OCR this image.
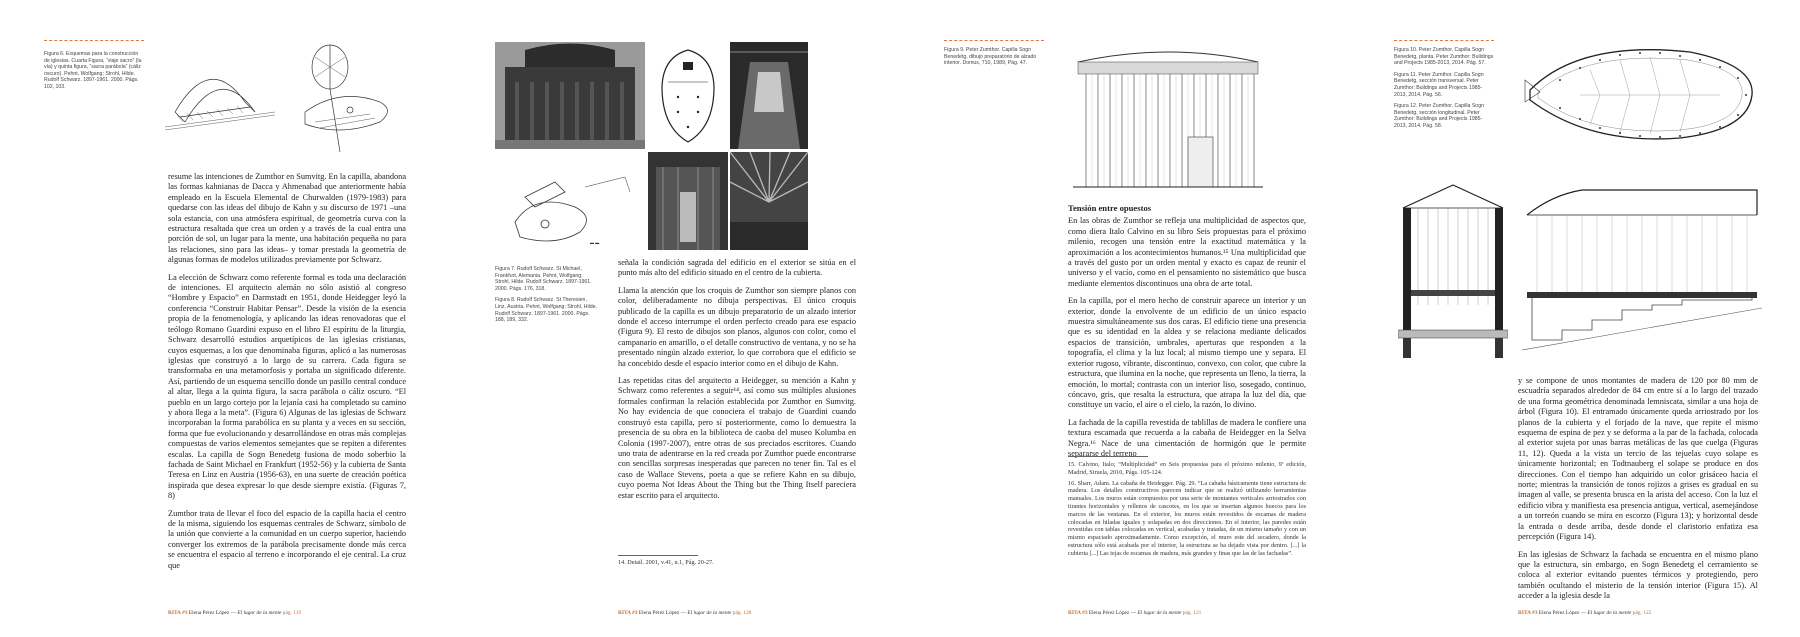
Figura 6. Esquemas para la construcción de iglesias. Cuarta Figura, “viaje sacro” (la vía) y quinta figura, “sacra parábola” (cáliz oscuro). Pehnt, Wolfgang; Strohl, Hilde. Rudolf Schwarz. 1897-1961. 2000. Págs. 102, 103.

resume las intenciones de Zumthor en Sumvitg. En la capilla, abandona las formas kahnianas de Dacca y Ahmenabad que anteriormente había empleado en la Escuela Elemental de Churwalden (1979-1983) para quedarse con las ideas del dibujo de Kahn y su discurso de 1971 –una sola estancia, con una atmósfera espiritual, de geometría curva con la estructura resaltada que crea un orden y a través de la cual entra una porción de sol, un lugar para la mente, una habitación pequeña no para las relaciones, sino para las ideas– y tomar prestada la geometría de algunas formas de modelos utilizados previamente por Schwarz.

La elección de Schwarz como referente formal es toda una declaración de intenciones. El arquitecto alemán no sólo asistió al congreso “Hombre y Espacio” en Darmstadt en 1951, donde Heidegger leyó la conferencia “Construir Habitar Pensar”. Desde la visión de la esencia propia de la fenomenología, y aplicando las ideas renovadoras que el teólogo Romano Guardini expuso en el libro El espíritu de la liturgia, Schwarz desarrolló estudios arquetípicos de las iglesias cristianas, cuyos esquemas, a los que denominaba figuras, aplicó a las numerosas iglesias que construyó a lo largo de su carrera. Cada figura se transformaba en una metamorfosis y portaba un significado diferente. Así, partiendo de un esquema sencillo donde un pasillo central conduce al altar, llega a la quinta figura, la sacra parábola o cáliz oscuro. “El pueblo en un largo cortejo por la lejanía casi ha completado su camino y ahora llega a la meta”. (Figura 6) Algunas de las iglesias de Schwarz incorporaban la forma parabólica en su planta y a veces en su sección, forma que fue evolucionando y desarrollándose en otras más complejas compuestas de varios elementos semejantes que se repiten a diferentes escalas. La capilla de Sogn Benedetg fusiona de modo soberbio la fachada de Saint Michael en Frankfurt (1952-56) y la cubierta de Santa Teresa en Linz en Austria (1956-63), en una suerte de creación poética inspirada que desea expresar lo que desde siempre existía. (Figuras 7, 8)

Zumthor trata de llevar el foco del espacio de la capilla hacia el centro de la misma, siguiendo los esquemas centrales de Schwarz, símbolo de la unión que convierte a la comunidad en un cuerpo superior, haciendo converger los extremos de la parábola precisamente donde más cerca se encuentra el espacio al terreno e incorporando el eje central. La cruz que

RITA #3 Elena Pérez López — El lugar de la mente pág. 119
▬ ▬

Figura 7. Rudolf Schwarz. St Michael, Frankfurt, Alemania. Pehnt, Wolfgang; Strohl, Hilde. Rudolf Schwarz. 1897-1961. 2000. Págs. 176, 318.

Figura 8. Rudolf Schwarz. St Theresien, Linz, Austria. Pehnt, Wolfgang; Strohl, Hilde. Rudolf Schwarz. 1897-1961. 2000. Págs. 188, 189, 332.

señala la condición sagrada del edificio en el exterior se sitúa en el punto más alto del edificio situado en el centro de la cubierta.

Llama la atención que los croquis de Zumthor son siempre planos con color, deliberadamente no dibuja perspectivas. El único croquis publicado de la capilla es un dibujo preparatorio de un alzado interior donde el acceso interrumpe el orden perfecto creado para ese espacio (Figura 9). El resto de dibujos son planos, algunos con color, como el campanario en amarillo, o el detalle constructivo de ventana, y no se ha presentado ningún alzado exterior, lo que corrobora que el edificio se ha concebido desde el espacio interior como en el dibujo de Kahn.

Las repetidas citas del arquitecto a Heidegger, su mención a Kahn y Schwarz como referentes a seguir¹⁴, así como sus múltiples alusiones formales confirman la relación establecida por Zumthor en Sumvitg. No hay evidencia de que conociera el trabajo de Guardini cuando construyó esta capilla, pero sí posteriormente, como lo demuestra la presencia de su obra en la biblioteca de caoba del museo Kolumba en Colonia (1997-2007), entre otras de sus preciados escritores. Cuando uno trata de adentrarse en la red creada por Zumthor puede encontrarse con sencillas sorpresas inesperadas que parecen no tener fin. Tal es el caso de Wallace Stevens, poeta a que se refiere Kahn en su dibujo, cuyo poema Not Ideas About the Thing but the Thing Itself pareciera estar escrito para el arquitecto.

14. Detail. 2001, v.41, n.1, Pág. 20-27.

RITA #3 Elena Pérez López — El lugar de la mente pág. 120

Figura 9. Peter Zumthor. Capilla Sogn Benedetg, dibujo preparatorio de alzado interior. Domus, 710, 1989, Pág. 47.

Tensión entre opuestos

En las obras de Zumthor se refleja una multiplicidad de aspectos que, como diera Italo Calvino en su libro Seis propuestas para el próximo milenio, recogen una tensión entre la exactitud matemática y la aproximación a los acontecimientos humanos.¹⁵ Una multiplicidad que a través del gusto por un orden mental y exacto es capaz de reunir el universo y el vacío, como en el pensamiento no sistemático que busca mediante elementos discontinuos una obra de arte total.

En la capilla, por el mero hecho de construir aparece un interior y un exterior, donde la envolvente de un edificio de un único espacio muestra simultáneamente sus dos caras. El edificio tiene una presencia que es su identidad en la aldea y se relaciona mediante delicados espacios de transición, umbrales, aperturas que responden a la topografía, el clima y la luz local; al mismo tiempo une y separa. El exterior rugoso, vibrante, discontinuo, convexo, con color, que cubre la estructura, que ilumina en la noche, que representa un lleno, la tierra, la emoción, lo mortal; contrasta con un interior liso, sosegado, continuo, cóncavo, gris, que resalta la estructura, que atrapa la luz del día, que constituye un vacío, el aire o el cielo, la razón, lo divino.

La fachada de la capilla revestida de tablillas de madera le confiere una textura escamada que recuerda a la cabaña de Heidegger en la Selva Negra.¹⁶ Nace de una cimentación de hormigón que le permite separarse del terreno

15. Calvino, Italo; “Multiplicidad” en Seis propuestas para el próximo milenio, 9ª edición, Madrid, Siruela, 2010, Págs. 105-124.

16. Sharr, Adam. La cabaña de Heidegger. Pág. 29. “La cabaña básicamente tiene estructura de madera. Los detalles constructivos parecen indicar que se realizó utilizando herramientas manuales. Los muros están compuestos por una serie de montantes verticales arriostrados con tirantes horizontales y rellenos de cascotes, en los que se insertan algunos huecos para los marcos de las ventanas. En el exterior, los muros están revestidos de escamas de madera colocadas en hiladas iguales y solapadas en dos direcciones. En el interior, las paredes están revestidas con tablas colocadas en vertical, acabadas y tratadas, de un mismo tamaño y con un mismo espaciado aproximadamente. Como excepción, el muro este del secadero, donde la estructura sólo está acabada por el interior, la estructura se ha dejado vista por dentro. [...] la cubierta [...] Las tejas de escamas de madera, más grandes y finas que las de las fachadas”.

RITA #3 Elena Pérez López — El lugar de la mente pág. 121

Figura 10. Peter Zumthor. Capilla Sogn Benedetg, planta. Peter Zumthor: Buildings and Projects 1985-2013, 2014. Pág. 57.

Figura 11. Peter Zumthor. Capilla Sogn Benedetg, sección transversal. Peter Zumthor: Buildings and Projects 1985-2013, 2014. Pág. 56.

Figura 12. Peter Zumthor. Capilla Sogn Benedetg, sección longitudinal. Peter Zumthor: Buildings and Projects 1985-2013, 2014. Pág. 58.

y se compone de unos montantes de madera de 120 por 80 mm de escuadría separados alrededor de 84 cm entre sí a lo largo del trazado de una forma geométrica denominada lemniscata, similar a una hoja de árbol (Figura 10). El entramado únicamente queda arriostrado por los planos de la cubierta y el forjado de la nave, que repite el mismo esquema de espina de pez y se deforma a la par de la fachada, colocada al exterior sujeta por unas barras metálicas de las que cuelga (Figuras 11, 12). Queda a la vista un tercio de las tejuelas cuyo solape es únicamente horizontal; en Todtnauberg el solape se produce en dos direcciones. Con el tiempo han adquirido un color grisáceo hacia el norte; mientras la transición de tonos rojizos a grises es gradual en su imagen al valle, se presenta brusca en la arista del acceso. Con la luz el edificio vibra y manifiesta esa presencia antigua, vertical, asemejándose a un torreón cuando se mira en escorzo (Figura 13); y horizontal desde la entrada o desde arriba, desde donde el claristorio enfatiza esa percepción (Figura 14).

En las iglesias de Schwarz la fachada se encuentra en el mismo plano que la estructura, sin embargo, en Sogn Benedetg el cerramiento se coloca al exterior evitando puentes térmicos y protegiendo, pero también ocultando el misterio de la tensión interior (Figura 15). Al acceder a la iglesia desde la

RITA #3 Elena Pérez López — El lugar de la mente pág. 122
